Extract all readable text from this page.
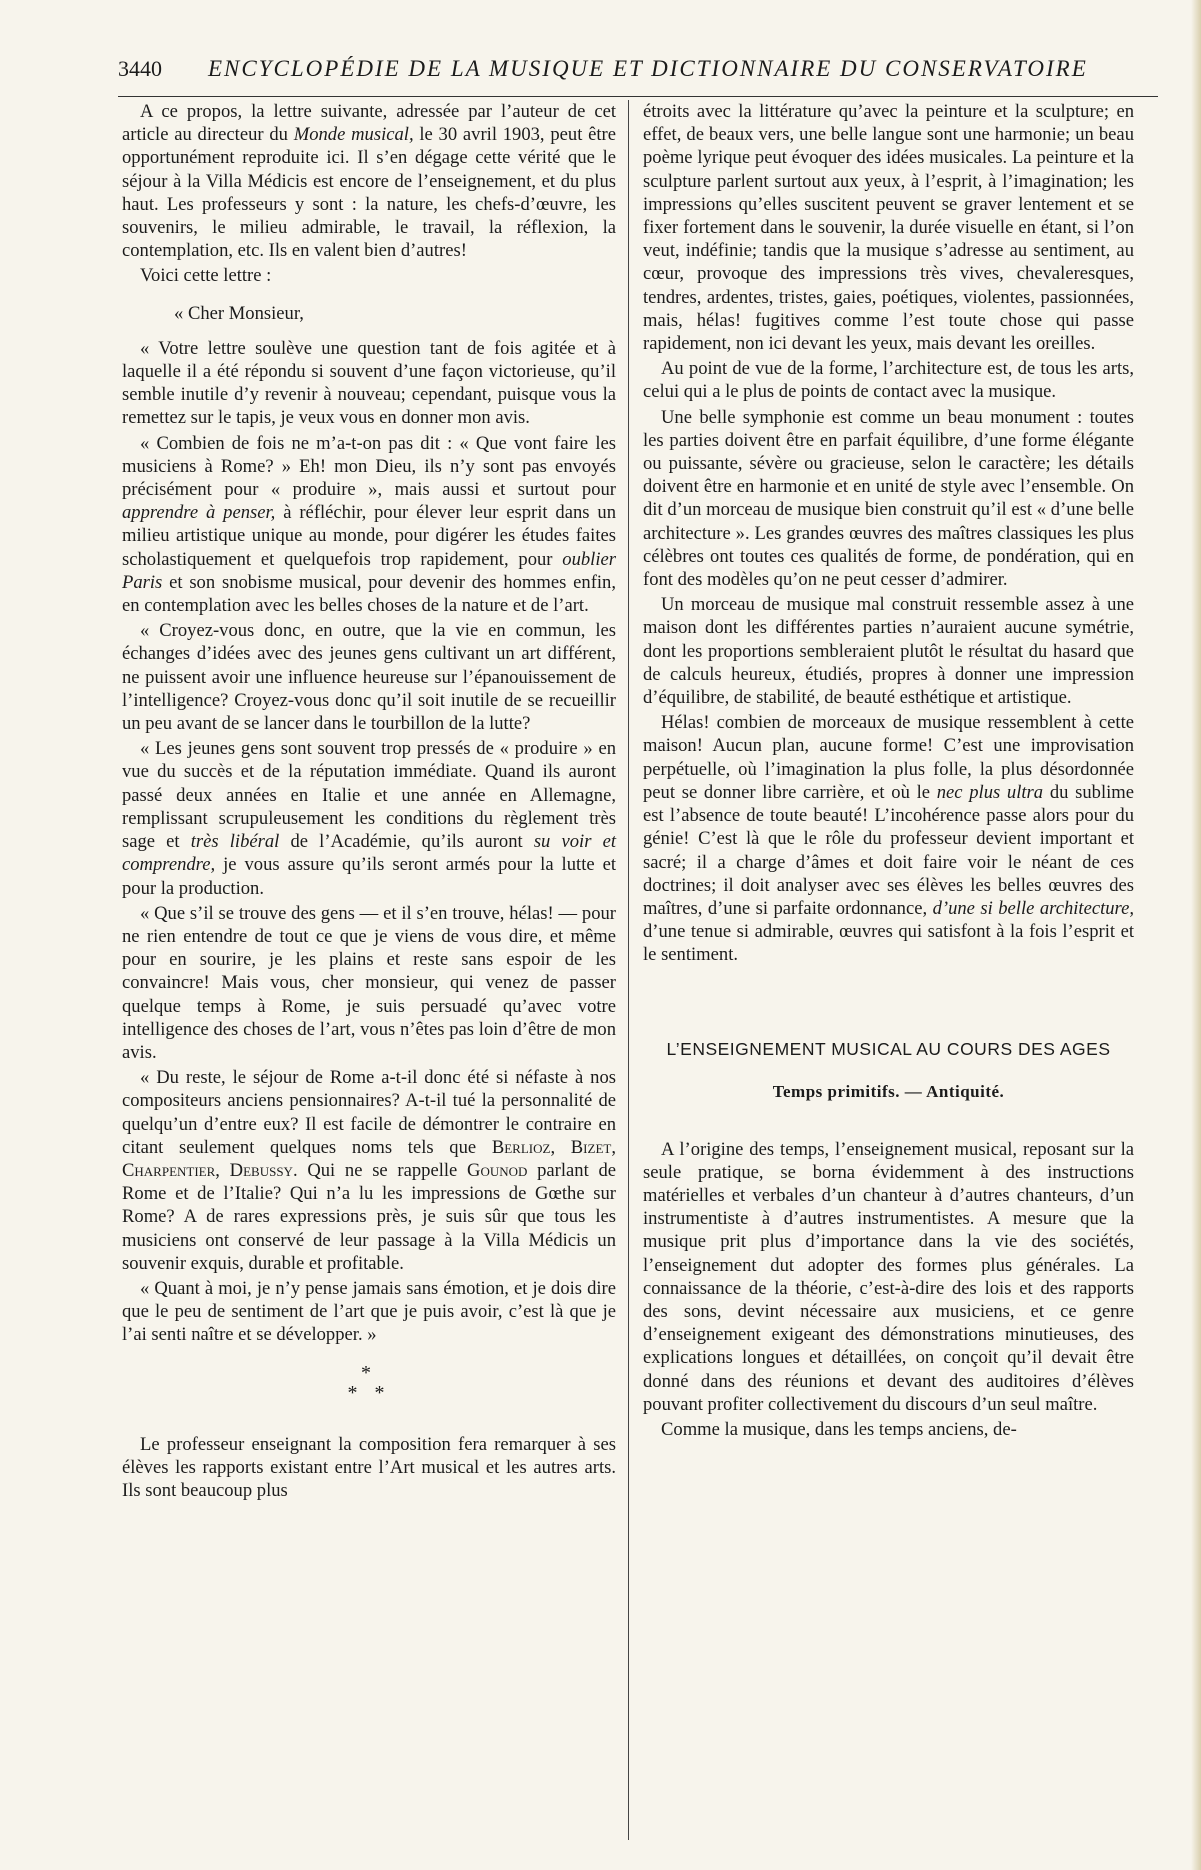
3440	ENCYCLOPÉDIE DE LA MUSIQUE ET DICTIONNAIRE DU CONSERVATOIRE

A ce propos, la lettre suivante, adressée par l’auteur de cet article au directeur du Monde musical, le 30 avril 1903, peut être opportunément reproduite ici. Il s’en dégage cette vérité que le séjour à la Villa Médicis est encore de l’enseignement, et du plus haut. Les professeurs y sont : la nature, les chefs-d’œuvre, les souvenirs, le milieu admirable, le travail, la réflexion, la contemplation, etc. Ils en valent bien d’autres!

Voici cette lettre :

« Cher Monsieur,

« Votre lettre soulève une question tant de fois agitée et à laquelle il a été répondu si souvent d’une façon victorieuse, qu’il semble inutile d’y revenir à nouveau; cependant, puisque vous la remettez sur le tapis, je veux vous en donner mon avis.

« Combien de fois ne m’a-t-on pas dit : « Que vont faire les musiciens à Rome? » Eh! mon Dieu, ils n’y sont pas envoyés précisément pour « produire », mais aussi et surtout pour apprendre à penser, à réfléchir, pour élever leur esprit dans un milieu artistique unique au monde, pour digérer les études faites scholastiquement et quelquefois trop rapidement, pour oublier Paris et son snobisme musical, pour devenir des hommes enfin, en contemplation avec les belles choses de la nature et de l’art.

« Croyez-vous donc, en outre, que la vie en commun, les échanges d’idées avec des jeunes gens cultivant un art différent, ne puissent avoir une influence heureuse sur l’épanouissement de l’intelligence? Croyez-vous donc qu’il soit inutile de se recueillir un peu avant de se lancer dans le tourbillon de la lutte?

« Les jeunes gens sont souvent trop pressés de « produire » en vue du succès et de la réputation immédiate. Quand ils auront passé deux années en Italie et une année en Allemagne, remplissant scrupuleusement les conditions du règlement très sage et très libéral de l’Académie, qu’ils auront su voir et comprendre, je vous assure qu’ils seront armés pour la lutte et pour la production.

« Que s’il se trouve des gens — et il s’en trouve, hélas! — pour ne rien entendre de tout ce que je viens de vous dire, et même pour en sourire, je les plains et reste sans espoir de les convaincre! Mais vous, cher monsieur, qui venez de passer quelque temps à Rome, je suis persuadé qu’avec votre intelligence des choses de l’art, vous n’êtes pas loin d’être de mon avis.

« Du reste, le séjour de Rome a-t-il donc été si néfaste à nos compositeurs anciens pensionnaires? A-t-il tué la personnalité de quelqu’un d’entre eux? Il est facile de démontrer le contraire en citant seulement quelques noms tels que Berlioz, Bizet, Charpentier, Debussy. Qui ne se rappelle Gounod parlant de Rome et de l’Italie? Qui n’a lu les impressions de Gœthe sur Rome? A de rares expressions près, je suis sûr que tous les musiciens ont conservé de leur passage à la Villa Médicis un souvenir exquis, durable et profitable.

« Quant à moi, je n’y pense jamais sans émotion, et je dois dire que le peu de sentiment de l’art que je puis avoir, c’est là que je l’ai senti naître et se développer. »

*
* *

Le professeur enseignant la composition fera remarquer à ses élèves les rapports existant entre l’Art musical et les autres arts. Ils sont beaucoup plus

étroits avec la littérature qu’avec la peinture et la sculpture; en effet, de beaux vers, une belle langue sont une harmonie; un beau poème lyrique peut évoquer des idées musicales. La peinture et la sculpture parlent surtout aux yeux, à l’esprit, à l’imagination; les impressions qu’elles suscitent peuvent se graver lentement et se fixer fortement dans le souvenir, la durée visuelle en étant, si l’on veut, indéfinie; tandis que la musique s’adresse au sentiment, au cœur, provoque des impressions très vives, chevaleresques, tendres, ardentes, tristes, gaies, poétiques, violentes, passionnées, mais, hélas! fugitives comme l’est toute chose qui passe rapidement, non ici devant les yeux, mais devant les oreilles.

Au point de vue de la forme, l’architecture est, de tous les arts, celui qui a le plus de points de contact avec la musique.

Une belle symphonie est comme un beau monument : toutes les parties doivent être en parfait équilibre, d’une forme élégante ou puissante, sévère ou gracieuse, selon le caractère; les détails doivent être en harmonie et en unité de style avec l’ensemble. On dit d’un morceau de musique bien construit qu’il est « d’une belle architecture ». Les grandes œuvres des maîtres classiques les plus célèbres ont toutes ces qualités de forme, de pondération, qui en font des modèles qu’on ne peut cesser d’admirer.

Un morceau de musique mal construit ressemble assez à une maison dont les différentes parties n’auraient aucune symétrie, dont les proportions sembleraient plutôt le résultat du hasard que de calculs heureux, étudiés, propres à donner une impression d’équilibre, de stabilité, de beauté esthétique et artistique.

Hélas! combien de morceaux de musique ressemblent à cette maison! Aucun plan, aucune forme! C’est une improvisation perpétuelle, où l’imagination la plus folle, la plus désordonnée peut se donner libre carrière, et où le nec plus ultra du sublime est l’absence de toute beauté! L’incohérence passe alors pour du génie! C’est là que le rôle du professeur devient important et sacré; il a charge d’âmes et doit faire voir le néant de ces doctrines; il doit analyser avec ses élèves les belles œuvres des maîtres, d’une si parfaite ordonnance, d’une si belle architecture, d’une tenue si admirable, œuvres qui satisfont à la fois l’esprit et le sentiment.

L’ENSEIGNEMENT MUSICAL AU COURS DES AGES
Temps primitifs. — Antiquité.

A l’origine des temps, l’enseignement musical, reposant sur la seule pratique, se borna évidemment à des instructions matérielles et verbales d’un chanteur à d’autres chanteurs, d’un instrumentiste à d’autres instrumentistes. A mesure que la musique prit plus d’importance dans la vie des sociétés, l’enseignement dut adopter des formes plus générales. La connaissance de la théorie, c’est-à-dire des lois et des rapports des sons, devint nécessaire aux musiciens, et ce genre d’enseignement exigeant des démonstrations minutieuses, des explications longues et détaillées, on conçoit qu’il devait être donné dans des réunions et devant des auditoires d’élèves pouvant profiter collectivement du discours d’un seul maître.

Comme la musique, dans les temps anciens, de-
